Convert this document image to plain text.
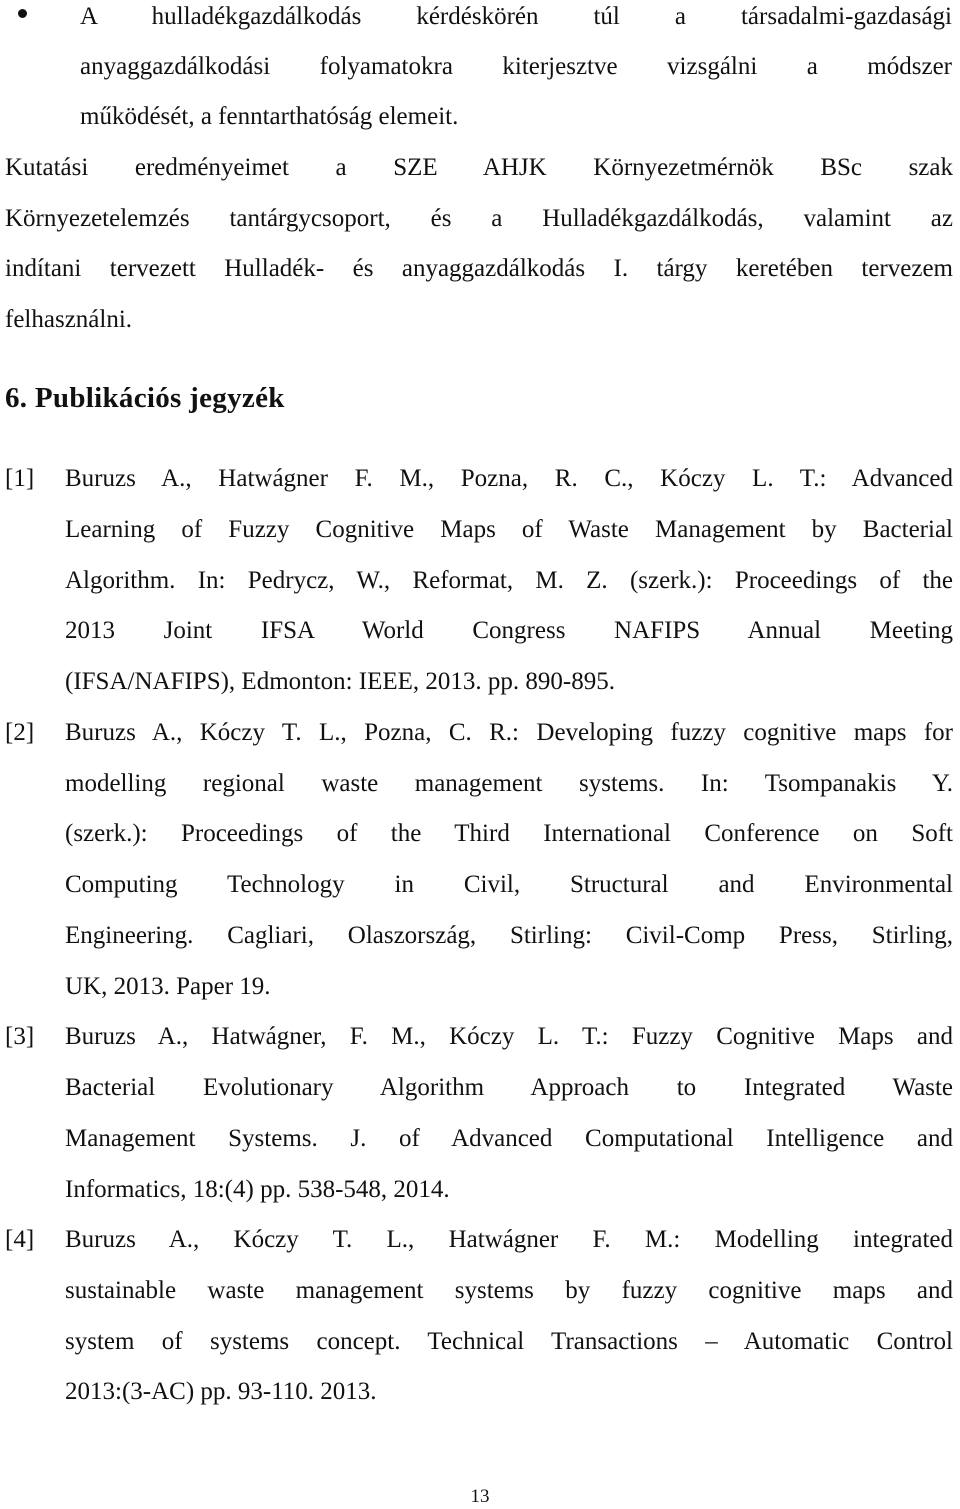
A hulladékgazdálkodás kérdéskörén túl a társadalmi-gazdasági
anyaggazdálkodási folyamatokra kiterjesztve vizsgálni a módszer
működését, a fenntarthatóság elemeit.
Kutatási eredményeimet a SZE AHJK Környezetmérnök BSc szak
Környezetelemzés tantárgycsoport, és a Hulladékgazdálkodás, valamint az
indítani tervezett Hulladék- és anyaggazdálkodás I. tárgy keretében tervezem
felhasználni.
6. Publikációs jegyzék
[1] Buruzs A., Hatwágner F. M., Pozna, R. C., Kóczy L. T.: Advanced
Learning of Fuzzy Cognitive Maps of Waste Management by Bacterial
Algorithm. In: Pedrycz, W., Reformat, M. Z. (szerk.): Proceedings of the
2013 Joint IFSA World Congress NAFIPS Annual Meeting
(IFSA/NAFIPS), Edmonton: IEEE, 2013. pp. 890-895.
[2] Buruzs A., Kóczy T. L., Pozna, C. R.: Developing fuzzy cognitive maps for
modelling regional waste management systems. In: Tsompanakis Y.
(szerk.): Proceedings of the Third International Conference on Soft
Computing Technology in Civil, Structural and Environmental
Engineering. Cagliari, Olaszország, Stirling: Civil-Comp Press, Stirling,
UK, 2013. Paper 19.
[3] Buruzs A., Hatwágner, F. M., Kóczy L. T.: Fuzzy Cognitive Maps and
Bacterial Evolutionary Algorithm Approach to Integrated Waste
Management Systems. J. of Advanced Computational Intelligence and
Informatics, 18:(4) pp. 538-548, 2014.
[4] Buruzs A., Kóczy T. L., Hatwágner F. M.: Modelling integrated
sustainable waste management systems by fuzzy cognitive maps and
system of systems concept. Technical Transactions – Automatic Control
2013:(3-AC) pp. 93-110. 2013.
13
